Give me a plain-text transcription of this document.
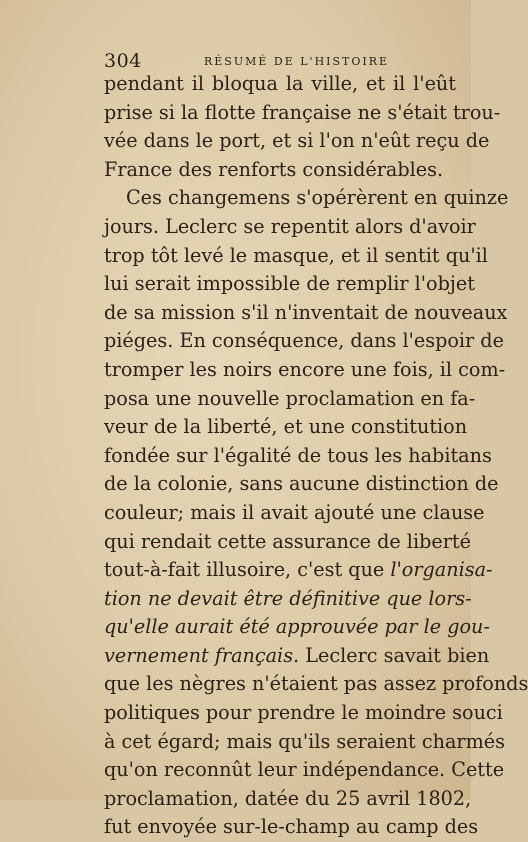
304	RÉSUMÉ DE L'HISTOIRE
pendant il bloqua la ville, et il l'eût
prise si la flotte française ne s'était trou-
vée dans le port, et si l'on n'eût reçu de
France des renforts considérables.
Ces changemens s'opérèrent en quinze
jours. Leclerc se repentit alors d'avoir
trop tôt levé le masque, et il sentit qu'il
lui serait impossible de remplir l'objet
de sa mission s'il n'inventait de nouveaux
piéges. En conséquence, dans l'espoir de
tromper les noirs encore une fois, il com-
posa une nouvelle proclamation en fa-
veur de la liberté, et une constitution
fondée sur l'égalité de tous les habitans
de la colonie, sans aucune distinction de
couleur; mais il avait ajouté une clause
qui rendait cette assurance de liberté
tout-à-fait illusoire, c'est que l'organisa-
tion ne devait être définitive que lors-
qu'elle aurait été approuvée par le gou-
vernement français. Leclerc savait bien
que les nègres n'étaient pas assez profonds
politiques pour prendre le moindre souci
à cet égard; mais qu'ils seraient charmés
qu'on reconnût leur indépendance. Cette
proclamation, datée du 25 avril 1802,
fut envoyée sur-le-champ au camp des
